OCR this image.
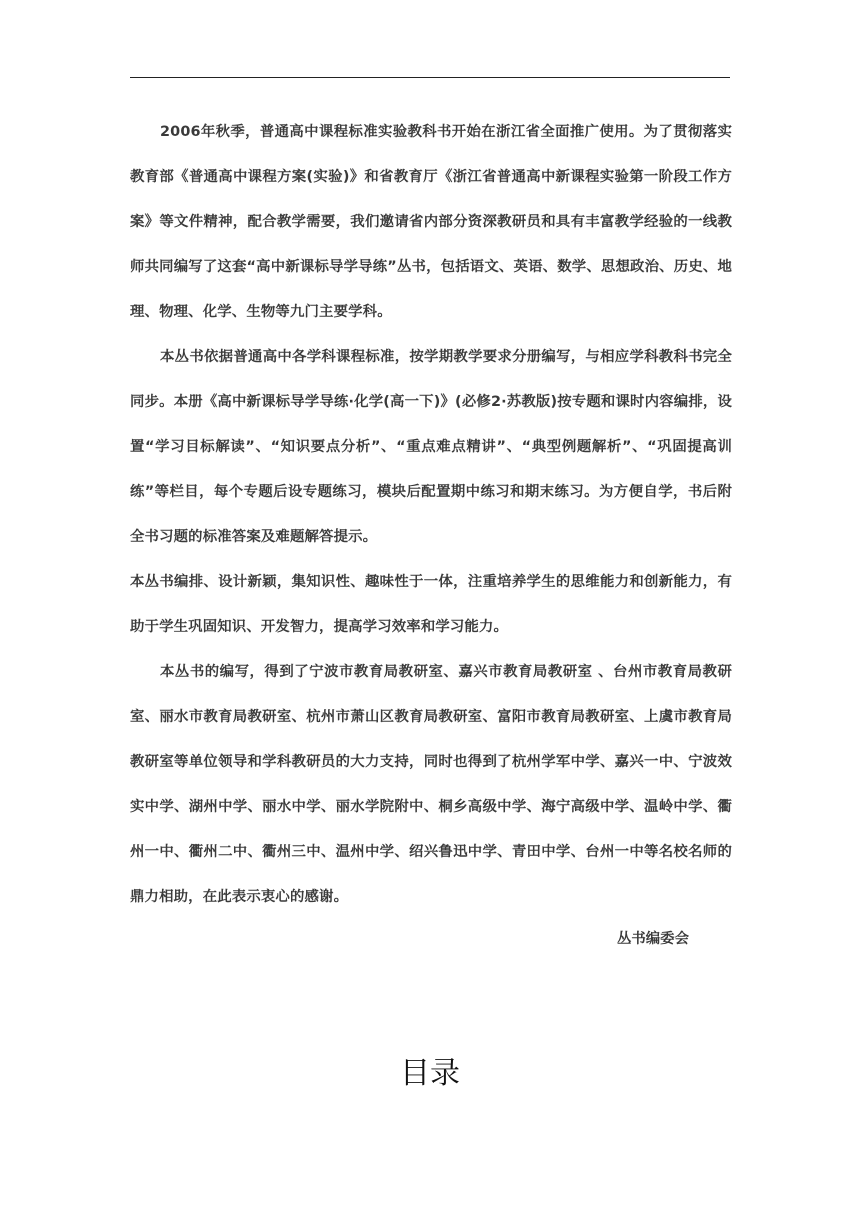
2006年秋季，普通高中课程标准实验教科书开始在浙江省全面推广使用。为了贯彻落实教育部《普通高中课程方案(实验)》和省教育厅《浙江省普通高中新课程实验第一阶段工作方案》等文件精神，配合教学需要，我们邀请省内部分资深教研员和具有丰富教学经验的一线教师共同编写了这套“高中新课标导学导练”丛书，包括语文、英语、数学、思想政治、历史、地理、物理、化学、生物等九门主要学科。

本丛书依据普通高中各学科课程标准，按学期教学要求分册编写，与相应学科教科书完全同步。本册《高中新课标导学导练·化学(高一下)》(必修2·苏教版)按专题和课时内容编排，设置“学习目标解读”、“知识要点分析”、“重点难点精讲”、“典型例题解析”、“巩固提高训练”等栏目，每个专题后设专题练习，模块后配置期中练习和期末练习。为方便自学，书后附全书习题的标准答案及难题解答提示。

本丛书编排、设计新颖，集知识性、趣味性于一体，注重培养学生的思维能力和创新能力，有助于学生巩固知识、开发智力，提高学习效率和学习能力。

本丛书的编写，得到了宁波市教育局教研室、嘉兴市教育局教研室 、台州市教育局教研室、丽水市教育局教研室、杭州市萧山区教育局教研室、富阳市教育局教研室、上虞市教育局教研室等单位领导和学科教研员的大力支持，同时也得到了杭州学军中学、嘉兴一中、宁波效实中学、湖州中学、丽水中学、丽水学院附中、桐乡高级中学、海宁高级中学、温岭中学、衢州一中、衢州二中、衢州三中、温州中学、绍兴鲁迅中学、青田中学、台州一中等名校名师的鼎力相助，在此表示衷心的感谢。

丛书编委会
目录
